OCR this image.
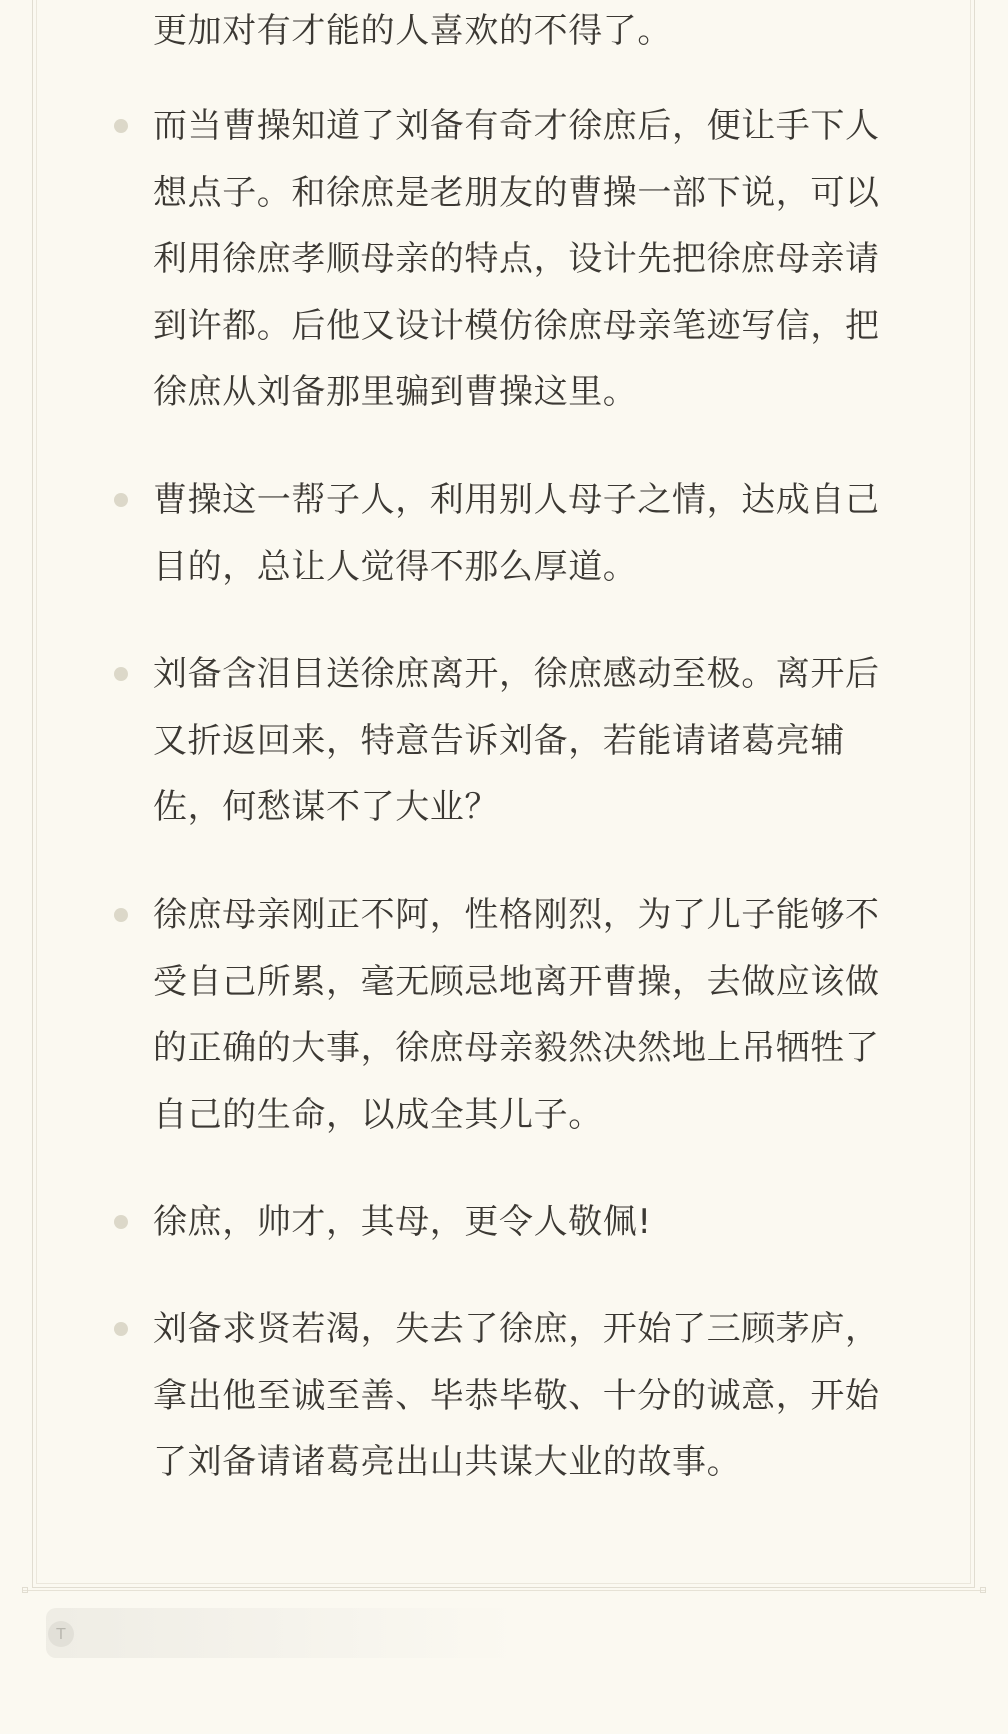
更加对有才能的人喜欢的不得了。

而当曹操知道了刘备有奇才徐庶后，便让手下人想点子。和徐庶是老朋友的曹操一部下说，可以利用徐庶孝顺母亲的特点，设计先把徐庶母亲请到许都。后他又设计模仿徐庶母亲笔迹写信，把徐庶从刘备那里骗到曹操这里。
曹操这一帮子人，利用别人母子之情，达成自己目的，总让人觉得不那么厚道。
刘备含泪目送徐庶离开，徐庶感动至极。离开后又折返回来，特意告诉刘备，若能请诸葛亮辅佐，何愁谋不了大业？
徐庶母亲刚正不阿，性格刚烈，为了儿子能够不受自己所累，毫无顾忌地离开曹操，去做应该做的正确的大事，徐庶母亲毅然决然地上吊牺牲了自己的生命，以成全其儿子。
徐庶，帅才，其母，更令人敬佩!
刘备求贤若渴，失去了徐庶，开始了三顾茅庐，拿出他至诚至善、毕恭毕敬、十分的诚意，开始了刘备请诸葛亮出山共谋大业的故事。
T
